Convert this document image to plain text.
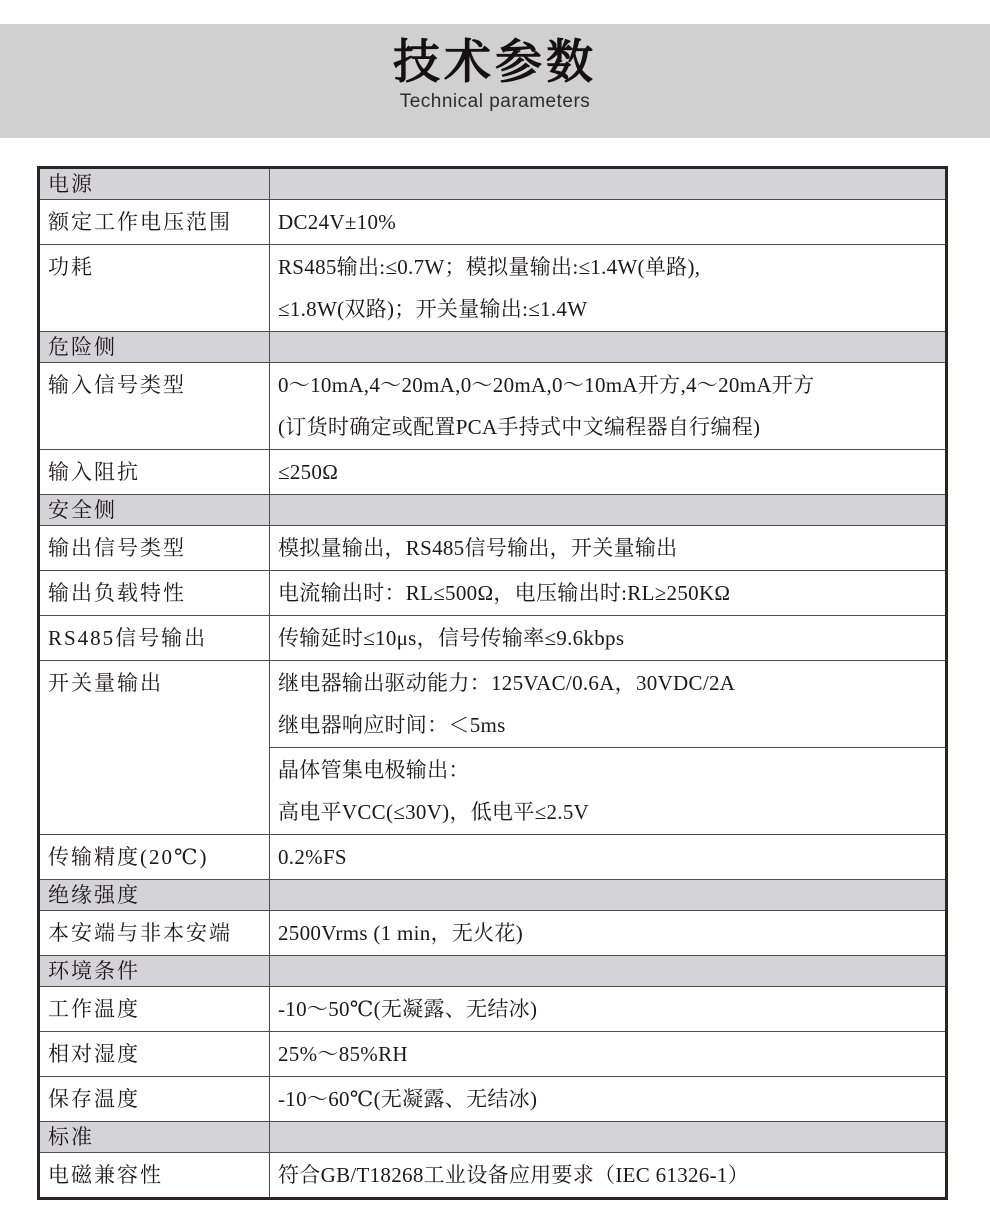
技术参数
Technical parameters
电源	
额定工作电压范围	DC24V±10%

功耗	RS485输出:≤0.7W；模拟量输出:≤1.4W(单路),
≤1.8W(双路)；开关量输出:≤1.4W

危险侧	
输入信号类型	0～10mA,4～20mA,0～20mA,0～10mA开方,4～20mA开方
(订货时确定或配置PCA手持式中文编程器自行编程)

输入阻抗	≤250Ω

安全侧	
输出信号类型	模拟量输出，RS485信号输出，开关量输出

输出负载特性	电流输出时：RL≤500Ω，电压输出时:RL≥250KΩ

RS485信号输出	传输延时≤10μs，信号传输率≤9.6kbps

开关量输出	继电器输出驱动能力：125VAC/0.6A，30VDC/2A
继电器响应时间：＜5ms

	晶体管集电极输出：
高电平VCC(≤30V)，低电平≤2.5V

传输精度(20℃)	0.2%FS

绝缘强度	
本安端与非本安端	2500Vrms (1 min，无火花)

环境条件	
工作温度	-10～50℃(无凝露、无结冰)

相对湿度	25%～85%RH

保存温度	-10～60℃(无凝露、无结冰)

标准	
电磁兼容性	符合GB/T18268工业设备应用要求（IEC 61326-1）
